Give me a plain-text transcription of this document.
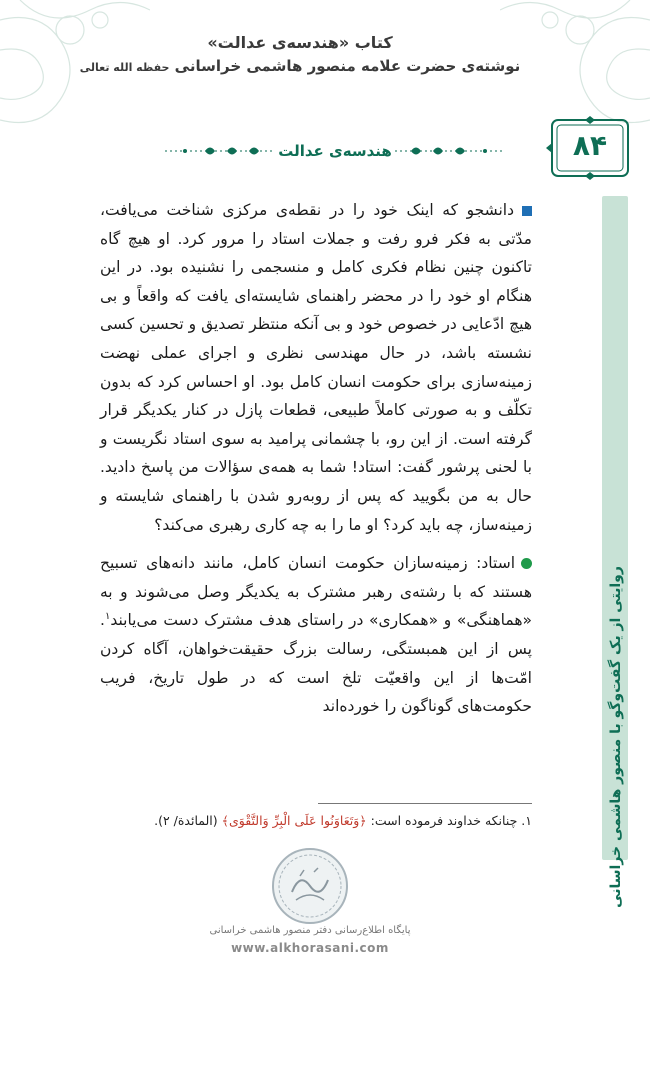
کتاب «هندسه‌ی عدالت»

نوشته‌ی حضرت علامه منصور هاشمی خراسانی حفظه الله تعالی

۸۴
هندسه‌ی عدالت
روایتی از یک گفت‌وگو با منصور هاشمی خراسانی

دانشجو که اینک خود را در نقطه‌ی مرکزی شناخت می‌یافت، مدّتی به فکر فرو رفت و جملات استاد را مرور کرد. او هیچ گاه تاکنون چنین نظام فکری کامل و منسجمی را نشنیده بود. در این هنگام او خود را در محضر راهنمای شایسته‌ای یافت که واقعاً و بی هیچ ادّعایی در خصوص خود و بی آنکه منتظر تصدیق و تحسین کسی نشسته باشد، در حال مهندسی نظری و اجرای عملی نهضت زمینه‌سازی برای حکومت انسان کامل بود. او احساس کرد که بدون تکلّف و به صورتی کاملاً طبیعی، قطعات پازل در کنار یکدیگر قرار گرفته است. از این رو، با چشمانی پرامید به سوی استاد نگریست و با لحنی پرشور گفت: استاد! شما به همه‌ی سؤالات من پاسخ دادید. حال به من بگویید که پس از روبه‌رو شدن با راهنمای شایسته و زمینه‌ساز، چه باید کرد؟ او ما را به چه کاری رهبری می‌کند؟

استاد: زمینه‌سازان حکومت انسان کامل، مانند دانه‌های تسبیح هستند که با رشته‌ی رهبر مشترک به یکدیگر وصل می‌شوند و به «هماهنگی» و «همکاری» در راستای هدف مشترک دست می‌یابند$^۱$. پس از این همبستگی، رسالت بزرگ حقیقت‌خواهان، آگاه کردن امّت‌ها از این واقعیّت تلخ است که در طول تاریخ، فریب حکومت‌های گوناگون را خورده‌اند

۱. چنانکه خداوند فرموده است: ﴿وَتَعَاوَنُوا عَلَى الْبِرِّ وَالتَّقْوَى﴾ (المائدة/ ۲).
پایگاه اطلاع‌رسانی دفتر منصور هاشمی خراسانی
www.alkhorasani.com
